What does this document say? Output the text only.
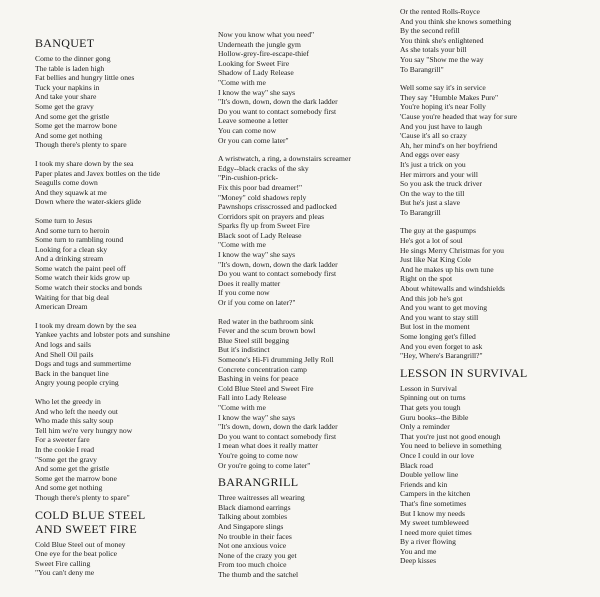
BANQUET

Come to the dinner gong

The table is laden high

Fat bellies and hungry little ones

Tuck your napkins in

And take your share

Some get the gravy

And some get the gristle

Some get the marrow bone

And some get nothing

Though there's plenty to spare

I took my share down by the sea

Paper plates and Javex bottles on the tide

Seagulls come down

And they squawk at me

Down where the water-skiers glide

Some turn to Jesus

And some turn to heroin

Some turn to rambling round

Looking for a clean sky

And a drinking stream

Some watch the paint peel off

Some watch their kids grow up

Some watch their stocks and bonds

Waiting for that big deal

American Dream

I took my dream down by the sea

Yankee yachts and lobster pots and sunshine

And logs and sails

And Shell Oil pails

Dogs and tugs and summertime

Back in the banquet line

Angry young people crying

Who let the greedy in

And who left the needy out

Who made this salty soup

Tell him we're very hungry now

For a sweeter fare

In the cookie I read

"Some get the gravy

And some get the gristle

Some get the marrow bone

And some get nothing

Though there's plenty to spare"

COLD BLUE STEEL
AND SWEET FIRE

Cold Blue Steel out of money

One eye for the beat police

Sweet Fire calling

"You can't deny me

Now you know what you need"

Underneath the jungle gym

Hollow-grey-fire-escape-thief

Looking for Sweet Fire

Shadow of Lady Release

"Come with me

I know the way" she says

"It's down, down, down the dark ladder

Do you want to contact somebody first

Leave someone a letter

You can come now

Or you can come later"

A wristwatch, a ring, a downstairs screamer

Edgy--black cracks of the sky

"Pin-cushion-prick-

Fix this poor bad dreamer!"

"Money" cold shadows reply

Pawnshops crisscrossed and padlocked

Corridors spit on prayers and pleas

Sparks fly up from Sweet Fire

Black soot of Lady Release

"Come with me

I know the way" she says

"It's down, down, down the dark ladder

Do you want to contact somebody first

Does it really matter

If you come now

Or if you come on later?"

Red water in the bathroom sink

Fever and the scum brown bowl

Blue Steel still begging

But it's indistinct

Someone's Hi-Fi drumming Jelly Roll

Concrete concentration camp

Bashing in veins for peace

Cold Blue Steel and Sweet Fire

Fall into Lady Release

"Come with me

I know the way" she says

"It's down, down, down the dark ladder

Do you want to contact somebody first

I mean what does it really matter

You're going to come now

Or you're going to come later"

BARANGRILL

Three waitresses all wearing

Black diamond earrings

Talking about zombies

And Singapore slings

No trouble in their faces

Not one anxious voice

None of the crazy you get

From too much choice

The thumb and the satchel

Or the rented Rolls-Royce

And you think she knows something

By the second refill

You think she's enlightened

As she totals your bill

You say "Show me the way

To Barangrill"

Well some say it's in service

They say "Humble Makes Pure"

You're hoping it's near Folly

'Cause you're headed that way for sure

And you just have to laugh

'Cause it's all so crazy

Ah, her mind's on her boyfriend

And eggs over easy

It's just a trick on you

Her mirrors and your will

So you ask the truck driver

On the way to the till

But he's just a slave

To Barangrill

The guy at the gaspumps

He's got a lot of soul

He sings Merry Christmas for you

Just like Nat King Cole

And he makes up his own tune

Right on the spot

About whitewalls and windshields

And this job he's got

And you want to get moving

And you want to stay still

But lost in the moment

Some longing get's filled

And you even forget to ask

"Hey, Where's Barangrill?"

LESSON IN SURVIVAL

Lesson in Survival

Spinning out on turns

That gets you tough

Guru books--the Bible

Only a reminder

That you're just not good enough

You need to believe in something

Once I could in our love

Black road

Double yellow line

Friends and kin

Campers in the kitchen

That's fine sometimes

But I know my needs

My sweet tumbleweed

I need more quiet times

By a river flowing

You and me

Deep kisses
